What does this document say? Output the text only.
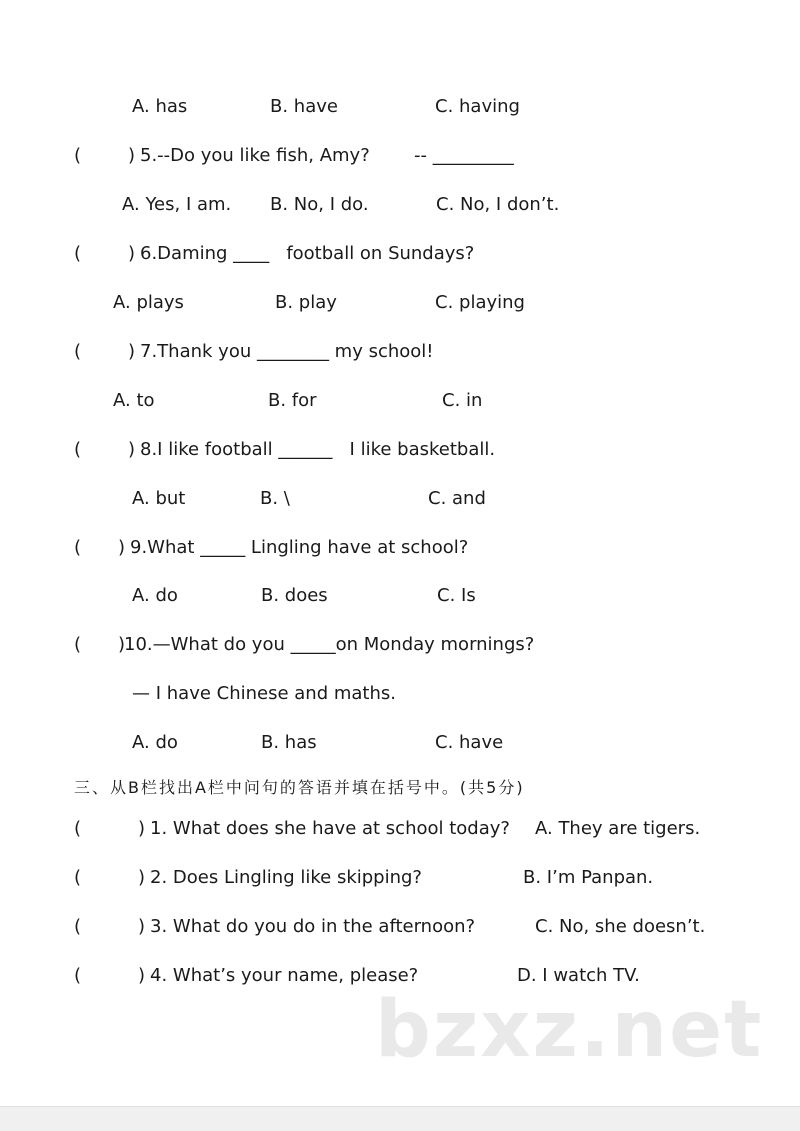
A. has	B. have	C. having
(	) 5.--Do you like fish, Amy? -- _________
A. Yes, I am. B. No, I do.	C. No, I don’t.
(	) 6.Daming ____   football on Sundays?
A. plays	B. play	C. playing
(	) 7.Thank you ________ my school!
A. to	B. for	C. in
(	) 8.I like football ______   I like basketball.
A. but	B. \	C. and
( ) 9.What _____ Lingling have at school?
A. do	B. does	C. Is
( )
10.—What do you _____on Monday mornings?
— I have Chinese and maths.
A. do	B. has	C. have
三、从B栏找出A栏中问句的答语并填在括号中。(共5分)
(	) 1. What does she have at school today? A. They are tigers.
(	) 2. Does Lingling like skipping?	B. I’m Panpan.
(	) 3. What do you do in the afternoon?	C. No, she doesn’t.
(	) 4. What’s your name, please?	D. I watch TV.
bzxz.net
